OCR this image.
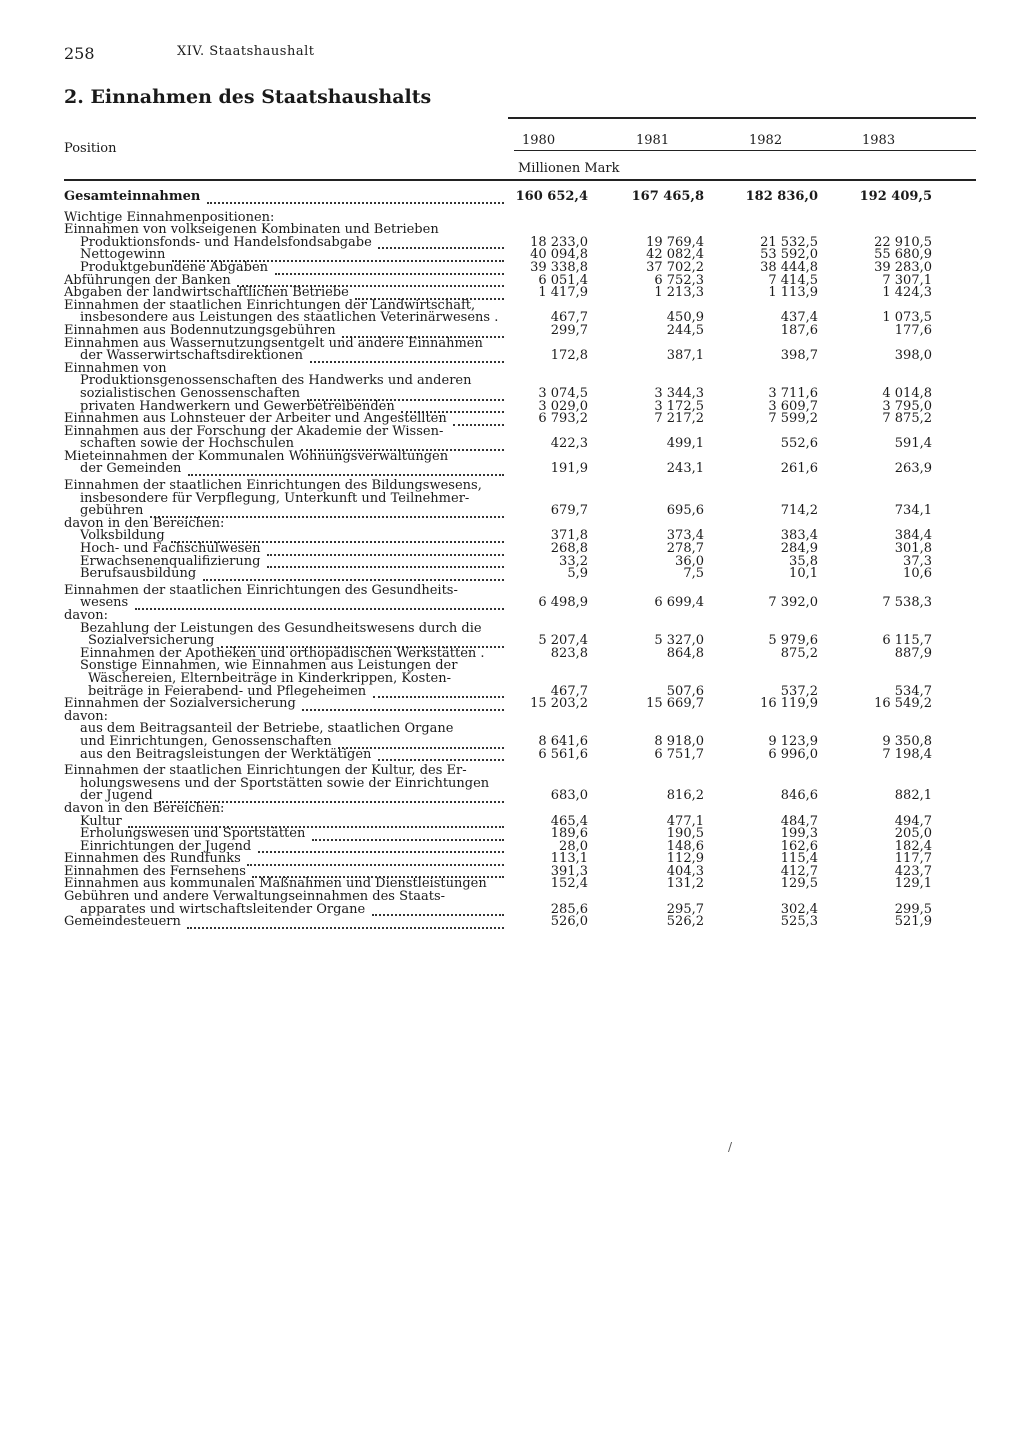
258	XIV. Staatshaushalt
2. Einnahmen des Staatshaushalts
Position
1980	1981	1982	1983
Millionen Mark
Gesamteinnahmen	160 652,4	167 465,8	182 836,0	192 409,5
Wichtige Einnahmenpositionen:
Einnahmen von volkseigenen Kombinaten und Betrieben
Produktionsfonds- und Handelsfondsabgabe	18 233,0	19 769,4	21 532,5	22 910,5
Nettogewinn	40 094,8	42 082,4	53 592,0	55 680,9
Produktgebundene Abgaben	39 338,8	37 702,2	38 444,8	39 283,0
Abführungen der Banken	6 051,4	6 752,3	7 414,5	7 307,1
Abgaben der landwirtschaftlichen Betriebe	1 417,9	1 213,3	1 113,9	1 424,3
Einnahmen der staatlichen Einrichtungen der Landwirtschaft,
insbesondere aus Leistungen des staatlichen Veterinärwesens .	467,7	450,9	437,4	1 073,5
Einnahmen aus Bodennutzungsgebühren	299,7	244,5	187,6	177,6
Einnahmen aus Wassernutzungsentgelt und andere Einnahmen
der Wasserwirtschaftsdirektionen	172,8	387,1	398,7	398,0
Einnahmen von
Produktionsgenossenschaften des Handwerks und anderen
sozialistischen Genossenschaften	3 074,5	3 344,3	3 711,6	4 014,8
privaten Handwerkern und Gewerbetreibenden	3 029,0	3 172,5	3 609,7	3 795,0
Einnahmen aus Lohnsteuer der Arbeiter und Angestellten	6 793,2	7 217,2	7 599,2	7 875,2
Einnahmen aus der Forschung der Akademie der Wissen-
schaften sowie der Hochschulen	422,3	499,1	552,6	591,4
Mieteinnahmen der Kommunalen Wohnungsverwaltungen
der Gemeinden	191,9	243,1	261,6	263,9
Einnahmen der staatlichen Einrichtungen des Bildungswesens,
insbesondere für Verpflegung, Unterkunft und Teilnehmer-
gebühren	679,7	695,6	714,2	734,1
davon in den Bereichen:
Volksbildung	371,8	373,4	383,4	384,4
Hoch- und Fachschulwesen	268,8	278,7	284,9	301,8
Erwachsenenqualifizierung	33,2	36,0	35,8	37,3
Berufsausbildung	5,9	7,5	10,1	10,6
Einnahmen der staatlichen Einrichtungen des Gesundheits-
wesens	6 498,9	6 699,4	7 392,0	7 538,3
davon:
Bezahlung der Leistungen des Gesundheitswesens durch die
Sozialversicherung	5 207,4	5 327,0	5 979,6	6 115,7
Einnahmen der Apotheken und orthopädischen Werkstätten .	823,8	864,8	875,2	887,9
Sonstige Einnahmen, wie Einnahmen aus Leistungen der
Wäschereien, Elternbeiträge in Kinderkrippen, Kosten-
beiträge in Feierabend- und Pflegeheimen	467,7	507,6	537,2	534,7
Einnahmen der Sozialversicherung	15 203,2	15 669,7	16 119,9	16 549,2
davon:
aus dem Beitragsanteil der Betriebe, staatlichen Organe
und Einrichtungen, Genossenschaften	8 641,6	8 918,0	9 123,9	9 350,8
aus den Beitragsleistungen der Werktätigen	6 561,6	6 751,7	6 996,0	7 198,4
Einnahmen der staatlichen Einrichtungen der Kultur, des Er-
holungswesens und der Sportstätten sowie der Einrichtungen
der Jugend	683,0	816,2	846,6	882,1
davon in den Bereichen:
Kultur	465,4	477,1	484,7	494,7
Erholungswesen und Sportstätten	189,6	190,5	199,3	205,0
Einrichtungen der Jugend	28,0	148,6	162,6	182,4
Einnahmen des Rundfunks	113,1	112,9	115,4	117,7
Einnahmen des Fernsehens	391,3	404,3	412,7	423,7
Einnahmen aus kommunalen Maßnahmen und Dienstleistungen	152,4	131,2	129,5	129,1
Gebühren und andere Verwaltungseinnahmen des Staats-
apparates und wirtschaftsleitender Organe	285,6	295,7	302,4	299,5
Gemeindesteuern	526,0	526,2	525,3	521,9
/
